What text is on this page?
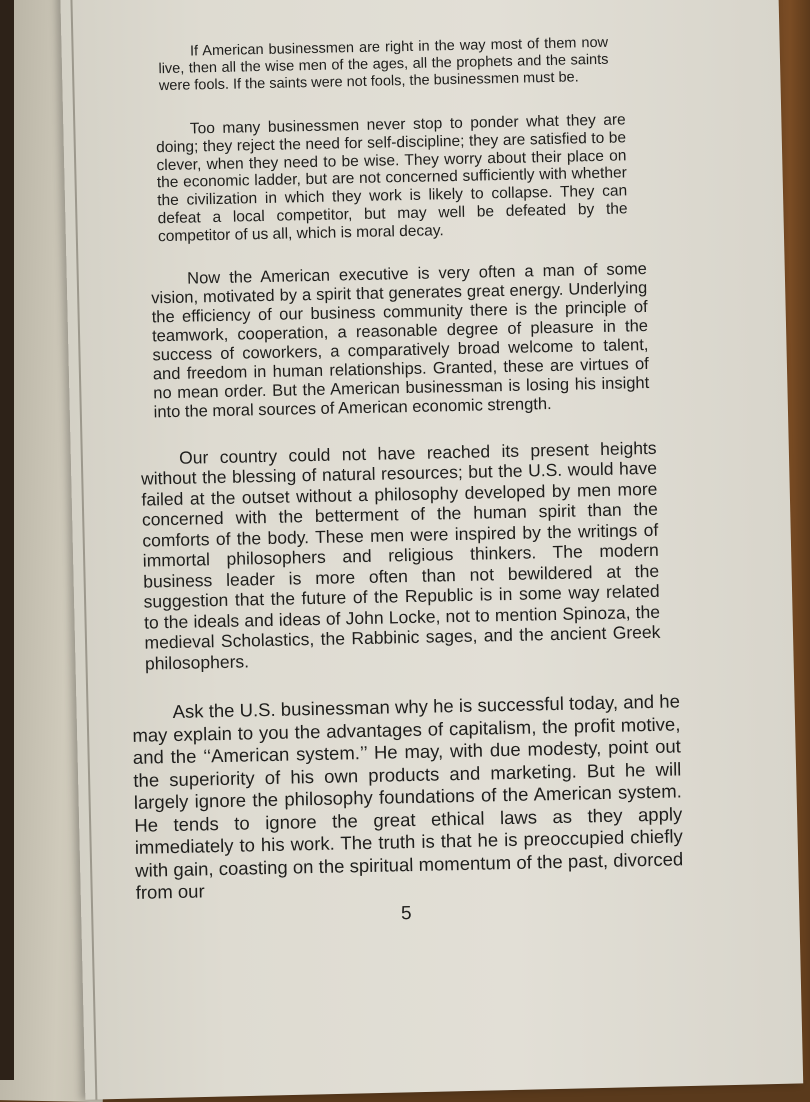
If American businessmen are right in the way most of them now live, then all the wise men of the ages, all the prophets and the saints were fools. If the saints were not fools, the businessmen must be.

Too many businessmen never stop to ponder what they are doing; they reject the need for self-discipline; they are satisfied to be clever, when they need to be wise. They worry about their place on the economic ladder, but are not concerned sufficiently with whether the civilization in which they work is likely to collapse. They can defeat a local competitor, but may well be defeated by the competitor of us all, which is moral decay.

Now the American executive is very often a man of some vision, motivated by a spirit that generates great energy. Underlying the efficiency of our business community there is the principle of teamwork, cooperation, a reasonable degree of pleasure in the success of coworkers, a comparatively broad welcome to talent, and freedom in human relationships. Granted, these are virtues of no mean order. But the American businessman is losing his insight into the moral sources of American economic strength.

Our country could not have reached its present heights without the blessing of natural resources; but the U.S. would have failed at the outset without a philosophy developed by men more concerned with the betterment of the human spirit than the comforts of the body. These men were inspired by the writings of immortal philosophers and religious thinkers. The modern business leader is more often than not bewildered at the suggestion that the future of the Republic is in some way related to the ideals and ideas of John Locke, not to mention Spinoza, the medieval Scholastics, the Rabbinic sages, and the ancient Greek philosophers.

Ask the U.S. businessman why he is successful today, and he may explain to you the advantages of capitalism, the profit motive, and the ‘‘American system.’’ He may, with due modesty, point out the superiority of his own products and marketing. But he will largely ignore the philosophy foundations of the American system. He tends to ignore the great ethical laws as they apply immediately to his work. The truth is that he is preoccupied chiefly with gain, coasting on the spiritual momentum of the past, divorced from our

5
